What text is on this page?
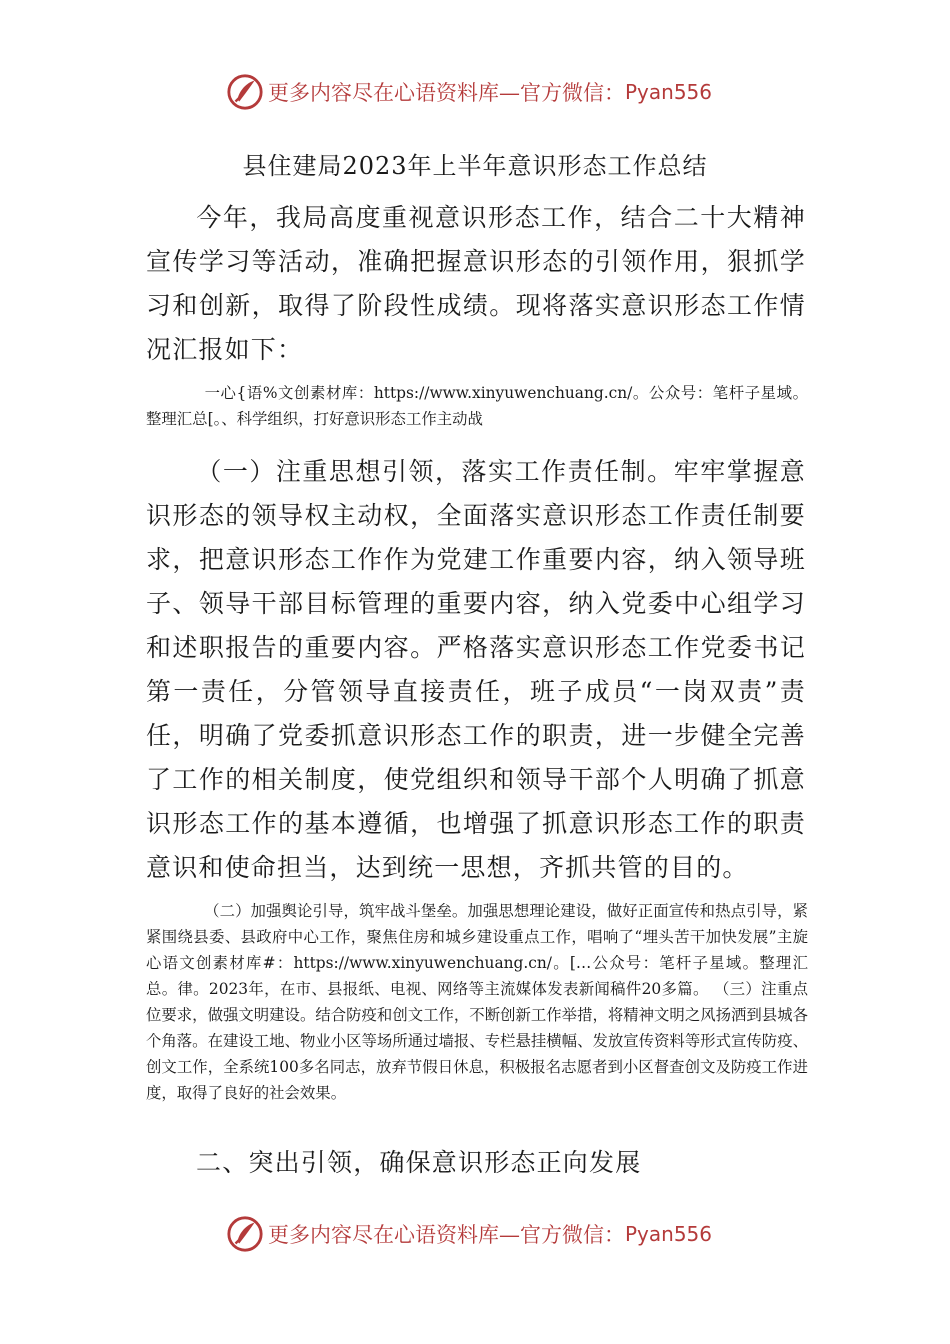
更多内容尽在心语资料库 —官方微信： Pyan556
县住建局2023年上半年意识形态工作总结

今年，我局高度重视意识形态工作，结合二十大精神宣传学习等活动，准确把握意识形态的引领作用，狠抓学习和创新，取得了阶段性成绩。现将落实意识形态工作情况汇报如下：

一心{语%文创素材库：https://www.xinyuwenchuang.cn/。公众号：笔杆子星域。整理汇总[。、科学组织，打好意识形态工作主动战

（一）注重思想引领，落实工作责任制。牢牢掌握意识形态的领导权主动权，全面落实意识形态工作责任制要求，把意识形态工作作为党建工作重要内容，纳入领导班子、领导干部目标管理的重要内容，纳入党委中心组学习和述职报告的重要内容。严格落实意识形态工作党委书记第一责任，分管领导直接责任，班子成员“一岗双责”责任，明确了党委抓意识形态工作的职责，进一步健全完善了工作的相关制度，使党组织和领导干部个人明确了抓意识形态工作的基本遵循，也增强了抓意识形态工作的职责意识和使命担当，达到统一思想，齐抓共管的目的。

（二）加强舆论引导，筑牢战斗堡垒。加强思想理论建设，做好正面宣传和热点引导，紧紧围绕县委、县政府中心工作，聚焦住房和城乡建设重点工作，唱响了“埋头苦干加快发展”主旋心语文创素材库#：https://www.xinyuwenchuang.cn/。[…公众号：笔杆子星域。整理汇总。律。2023年，在市、县报纸、电视、网络等主流媒体发表新闻稿件20多篇。 （三）注重点位要求，做强文明建设。结合防疫和创文工作，不断创新工作举措，将精神文明之风扬洒到县城各个角落。在建设工地、物业小区等场所通过墙报、专栏悬挂横幅、发放宣传资料等形式宣传防疫、创文工作，全系统100多名同志，放弃节假日休息，积极报名志愿者到小区督查创文及防疫工作进度，取得了良好的社会效果。

二、突出引领，确保意识形态正向发展

更多内容尽在心语资料库 —官方微信： Pyan556
